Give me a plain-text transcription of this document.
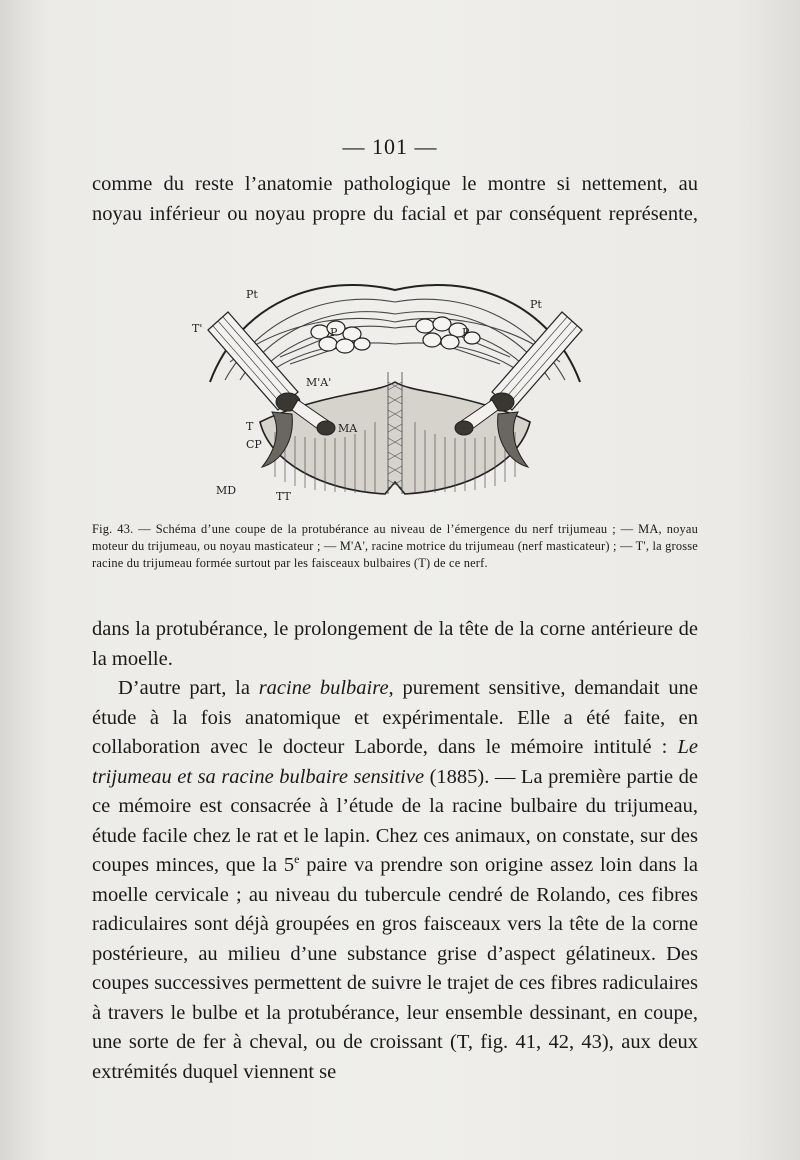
— 101 —

comme du reste l’anatomie pathologique le montre si nettement, au

noyau inférieur ou noyau propre du facial et par conséquent représente,

Pt
Pt
T'	P	P
M'A'
MA
T
CP
MD	TT
Fig. 43. — Schéma d’une coupe de la protubérance au niveau de l’émergence du nerf trijumeau ; — MA, noyau moteur du trijumeau, ou noyau masticateur ; — M'A', racine motrice du trijumeau (nerf masticateur) ; — T', la grosse racine du trijumeau formée surtout par les faisceaux bulbaires (T) de ce nerf.

dans la protubérance, le prolongement de la tête de la corne antérieure de la moelle.

D’autre part, la racine bulbaire, purement sensitive, demandait une étude à la fois anatomique et expérimentale. Elle a été faite, en collaboration avec le docteur Laborde, dans le mémoire intitulé : Le trijumeau et sa racine bulbaire sensitive (1885). — La première partie de ce mémoire est consacrée à l’étude de la racine bulbaire du trijumeau, étude facile chez le rat et le lapin. Chez ces animaux, on constate, sur des coupes minces, que la 5e paire va prendre son origine assez loin dans la moelle cervicale ; au niveau du tubercule cendré de Rolando, ces fibres radiculaires sont déjà groupées en gros faisceaux vers la tête de la corne postérieure, au milieu d’une substance grise d’aspect gélatineux. Des coupes successives permettent de suivre le trajet de ces fibres radiculaires à travers le bulbe et la protubérance, leur ensemble dessinant, en coupe, une sorte de fer à cheval, ou de croissant (T, fig. 41, 42, 43), aux deux extrémités duquel viennent se
